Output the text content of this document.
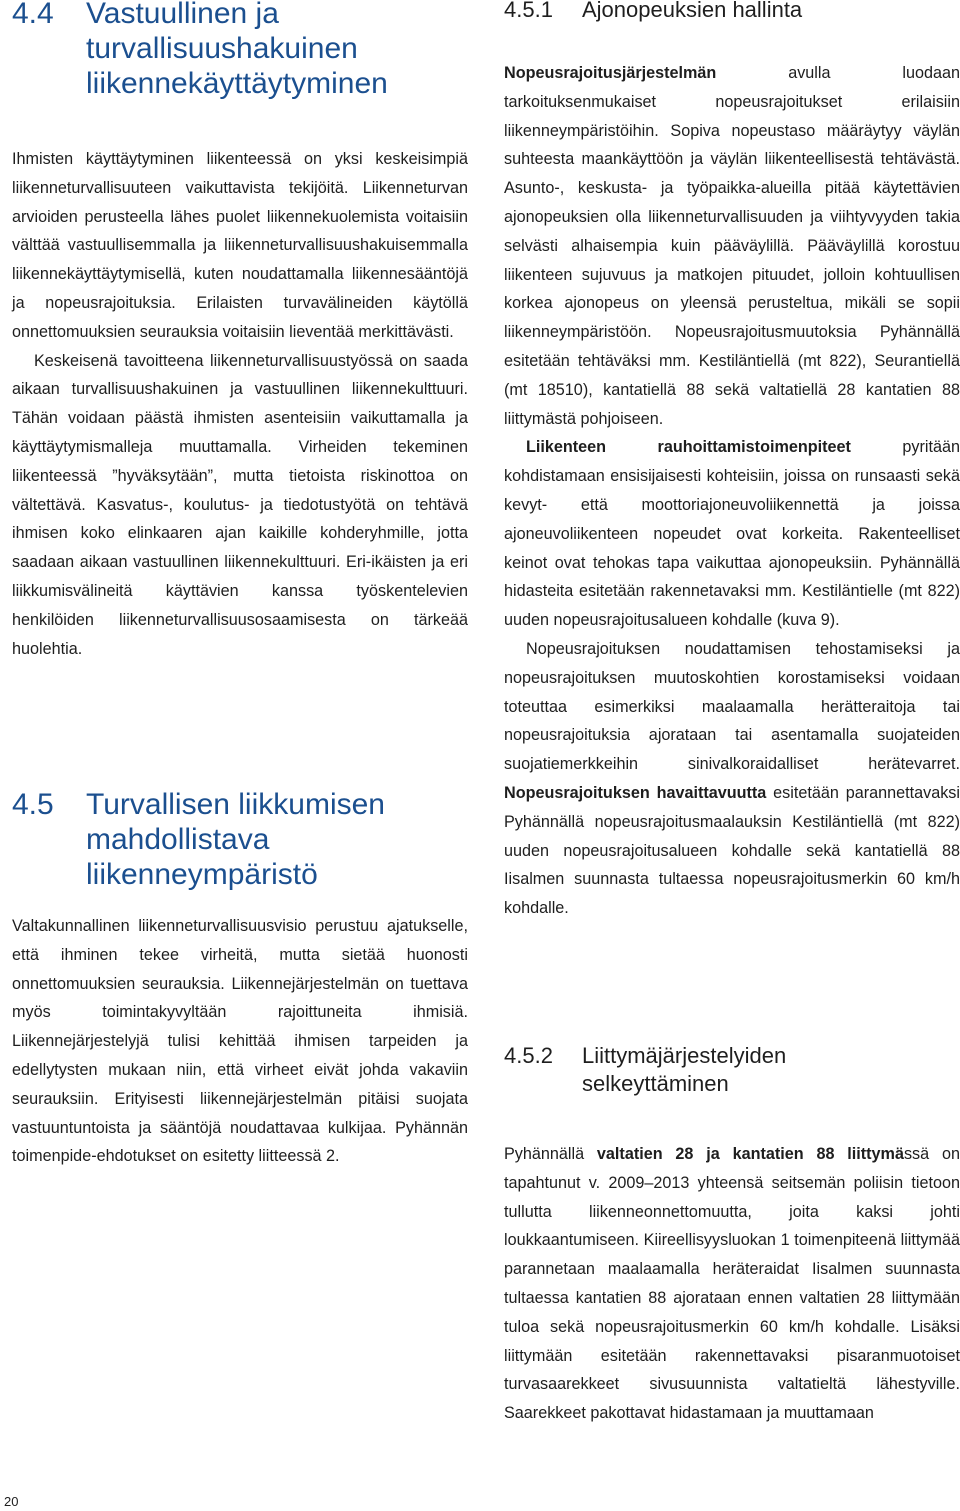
4.4 Vastuullinen ja
turvallisuushakuinen
liikennekäyttäytyminen

Ihmisten käyttäytyminen liikenteessä on yksi keskeisimpiä liikenneturvallisuuteen vaikuttavista tekijöitä. Liikenneturvan arvioiden perusteella lähes puolet liikennekuolemista voitaisiin välttää vastuullisemmalla ja liikenneturvallisuushakuisemmalla liikennekäyttäytymisellä, kuten noudattamalla liikennesääntöjä ja nopeusrajoituksia. Erilaisten turvavälineiden käytöllä onnettomuuksien seurauksia voitaisiin lieventää merkittävästi.

Keskeisenä tavoitteena liikenneturvallisuustyössä on saada aikaan turvallisuushakuinen ja vastuullinen liikennekulttuuri. Tähän voidaan päästä ihmisten asenteisiin vaikuttamalla ja käyttäytymismalleja muuttamalla. Virheiden tekeminen liikenteessä ”hyväksytään”, mutta tietoista riskinottoa on vältettävä. Kasvatus-, koulutus- ja tiedotustyötä on tehtävä ihmisen koko elinkaaren ajan kaikille kohderyhmille, jotta saadaan aikaan vastuullinen liikennekulttuuri. Eri-ikäisten ja eri liikkumisvälineitä käyttävien kanssa työskentelevien henkilöiden liikenneturvallisuusosaamisesta on tärkeää huolehtia.

4.5 Turvallisen liikkumisen
mahdollistava
liikenneympäristö

Valtakunnallinen liikenneturvallisuusvisio perustuu ajatukselle, että ihminen tekee virheitä, mutta sietää huonosti onnettomuuksien seurauksia. Liikennejärjestelmän on tuettava myös toimintakyvyltään rajoittuneita ihmisiä. Liikennejärjestelyjä tulisi kehittää ihmisen tarpeiden ja edellytysten mukaan niin, että virheet eivät johda vakaviin seurauksiin. Erityisesti liikennejärjestelmän pitäisi suojata vastuuntuntoista ja sääntöjä noudattavaa kulkijaa. Pyhännän toimenpide-ehdotukset on esitetty liitteessä 2.

4.5.1 Ajonopeuksien hallinta

Nopeusrajoitusjärjestelmän avulla luodaan tarkoituksenmukaiset nopeusrajoitukset erilaisiin liikenneympäristöihin. Sopiva nopeustaso määräytyy väylän suhteesta maankäyttöön ja väylän liikenteellisestä tehtävästä. Asunto-, keskusta- ja työpaikka-alueilla pitää käytettävien ajonopeuksien olla liikenneturvallisuuden ja viihtyvyyden takia selvästi alhaisempia kuin pääväylillä. Pääväylillä korostuu liikenteen sujuvuus ja matkojen pituudet, jolloin kohtuullisen korkea ajonopeus on yleensä perusteltua, mikäli se sopii liikenneympäristöön. Nopeusrajoitusmuutoksia Pyhännällä esitetään tehtäväksi mm. Kestiläntiellä (mt 822), Seurantiellä (mt 18510), kantatiellä 88 sekä valtatiellä 28 kantatien 88 liittymästä pohjoiseen.

Liikenteen rauhoittamistoimenpiteet pyritään kohdistamaan ensisijaisesti kohteisiin, joissa on runsaasti sekä kevyt- että moottoriajoneuvoliikennettä ja joissa ajoneuvoliikenteen nopeudet ovat korkeita. Rakenteelliset keinot ovat tehokas tapa vaikuttaa ajonopeuksiin. Pyhännällä hidasteita esitetään rakennetavaksi mm. Kestiläntielle (mt 822) uuden nopeusrajoitusalueen kohdalle (kuva 9).

Nopeusrajoituksen noudattamisen tehostamiseksi ja nopeusrajoituksen muutoskohtien korostamiseksi voidaan toteuttaa esimerkiksi maalaamalla herätteraitoja tai nopeusrajoituksia ajorataan tai asentamalla suojateiden suojatiemerkkeihin sinivalkoraidalliset herätevarret. Nopeusrajoituksen havaittavuutta esitetään parannettavaksi Pyhännällä nopeusrajoitusmaalauksin Kestiläntiellä (mt 822) uuden nopeusrajoitusalueen kohdalle sekä kantatiellä 88 Iisalmen suunnasta tultaessa nopeusrajoitusmerkin 60 km/h kohdalle.

4.5.2 Liittymäjärjestelyiden
selkeyttäminen

Pyhännällä valtatien 28 ja kantatien 88 liittymässä on tapahtunut v. 2009–2013 yhteensä seitsemän poliisin tietoon tullutta liikenneonnettomuutta, joita kaksi johti loukkaantumiseen. Kiireellisyysluokan 1 toimenpiteenä liittymää parannetaan maalaamalla heräteraidat Iisalmen suunnasta tultaessa kantatien 88 ajorataan ennen valtatien 28 liittymään tuloa sekä nopeusrajoitusmerkin 60 km/h kohdalle. Lisäksi liittymään esitetään rakennettavaksi pisaranmuotoiset turvasaarekkeet sivusuunnista valtatieltä lähestyville. Saarekkeet pakottavat hidastamaan ja muuttamaan

20
